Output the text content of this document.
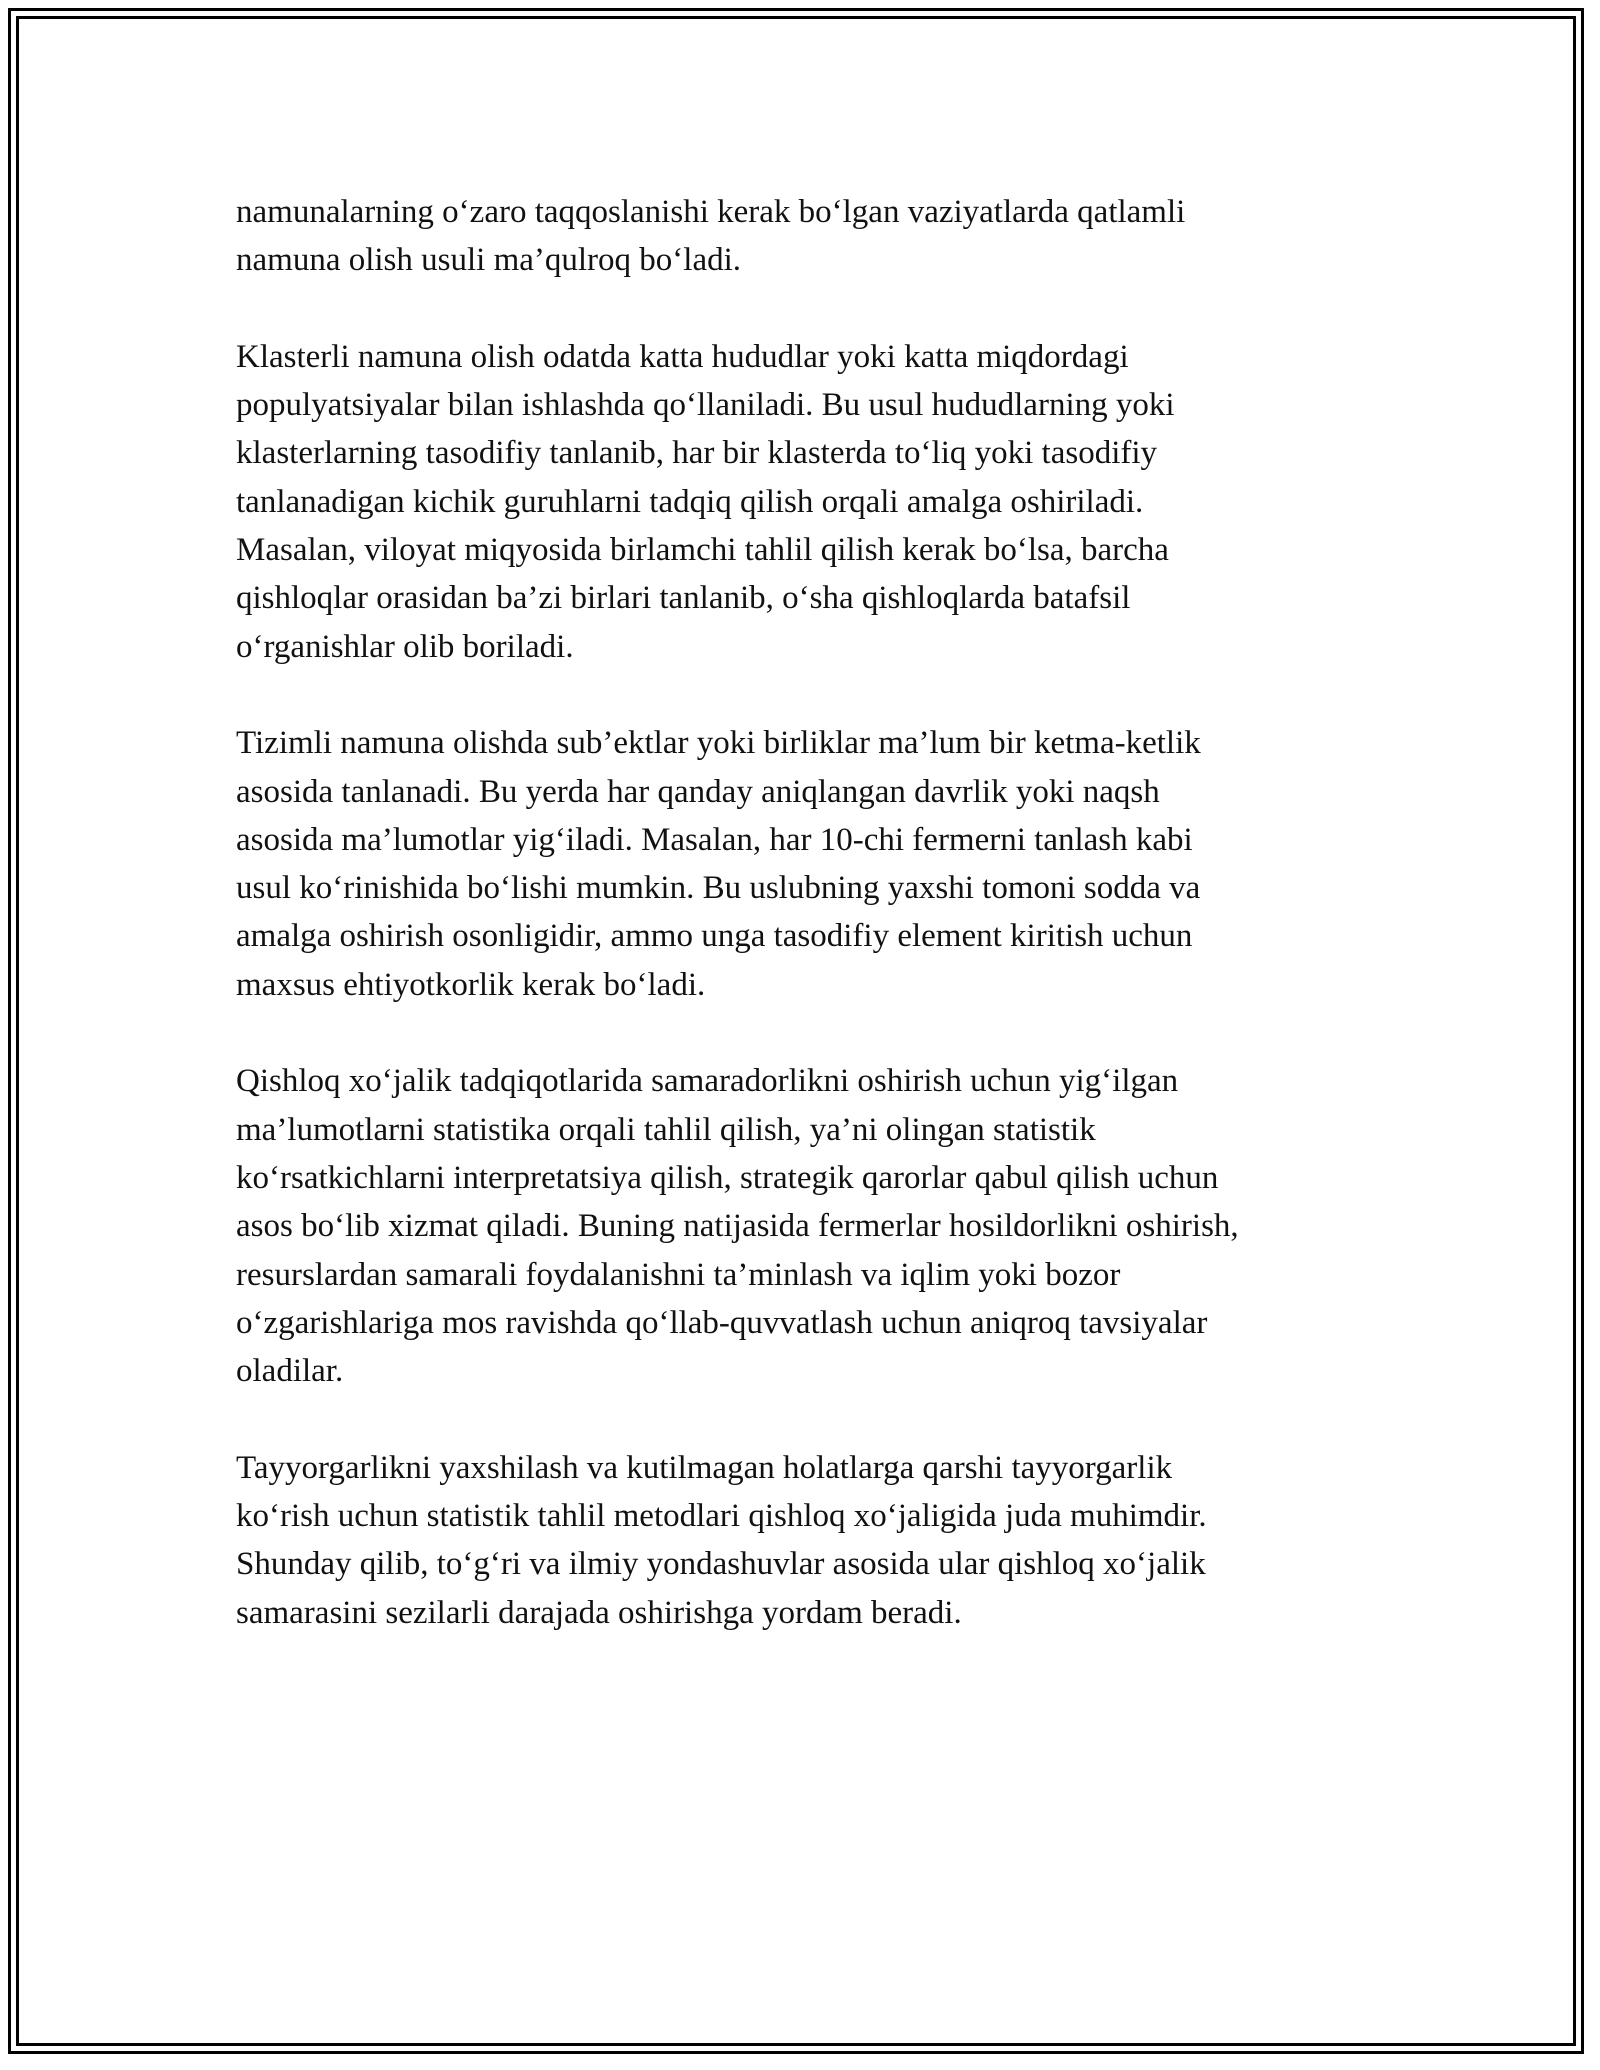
namunalarning o‘zaro taqqoslanishi kerak bo‘lgan vaziyatlarda qatlamli
namuna olish usuli ma’qulroq bo‘ladi.

Klasterli namuna olish odatda katta hududlar yoki katta miqdordagi
populyatsiyalar bilan ishlashda qo‘llaniladi. Bu usul hududlarning yoki
klasterlarning tasodifiy tanlanib, har bir klasterda to‘liq yoki tasodifiy
tanlanadigan kichik guruhlarni tadqiq qilish orqali amalga oshiriladi.
Masalan, viloyat miqyosida birlamchi tahlil qilish kerak bo‘lsa, barcha
qishloqlar orasidan ba’zi birlari tanlanib, o‘sha qishloqlarda batafsil
o‘rganishlar olib boriladi.

Tizimli namuna olishda sub’ektlar yoki birliklar ma’lum bir ketma-ketlik
asosida tanlanadi. Bu yerda har qanday aniqlangan davrlik yoki naqsh
asosida ma’lumotlar yig‘iladi. Masalan, har 10-chi fermerni tanlash kabi
usul ko‘rinishida bo‘lishi mumkin. Bu uslubning yaxshi tomoni sodda va
amalga oshirish osonligidir, ammo unga tasodifiy element kiritish uchun
maxsus ehtiyotkorlik kerak bo‘ladi.

Qishloq xo‘jalik tadqiqotlarida samaradorlikni oshirish uchun yig‘ilgan
ma’lumotlarni statistika orqali tahlil qilish, ya’ni olingan statistik
ko‘rsatkichlarni interpretatsiya qilish, strategik qarorlar qabul qilish uchun
asos bo‘lib xizmat qiladi. Buning natijasida fermerlar hosildorlikni oshirish,
resurslardan samarali foydalanishni ta’minlash va iqlim yoki bozor
o‘zgarishlariga mos ravishda qo‘llab-quvvatlash uchun aniqroq tavsiyalar
oladilar.

Tayyorgarlikni yaxshilash va kutilmagan holatlarga qarshi tayyorgarlik
ko‘rish uchun statistik tahlil metodlari qishloq xo‘jaligida juda muhimdir.
Shunday qilib, to‘g‘ri va ilmiy yondashuvlar asosida ular qishloq xo‘jalik
samarasini sezilarli darajada oshirishga yordam beradi.
